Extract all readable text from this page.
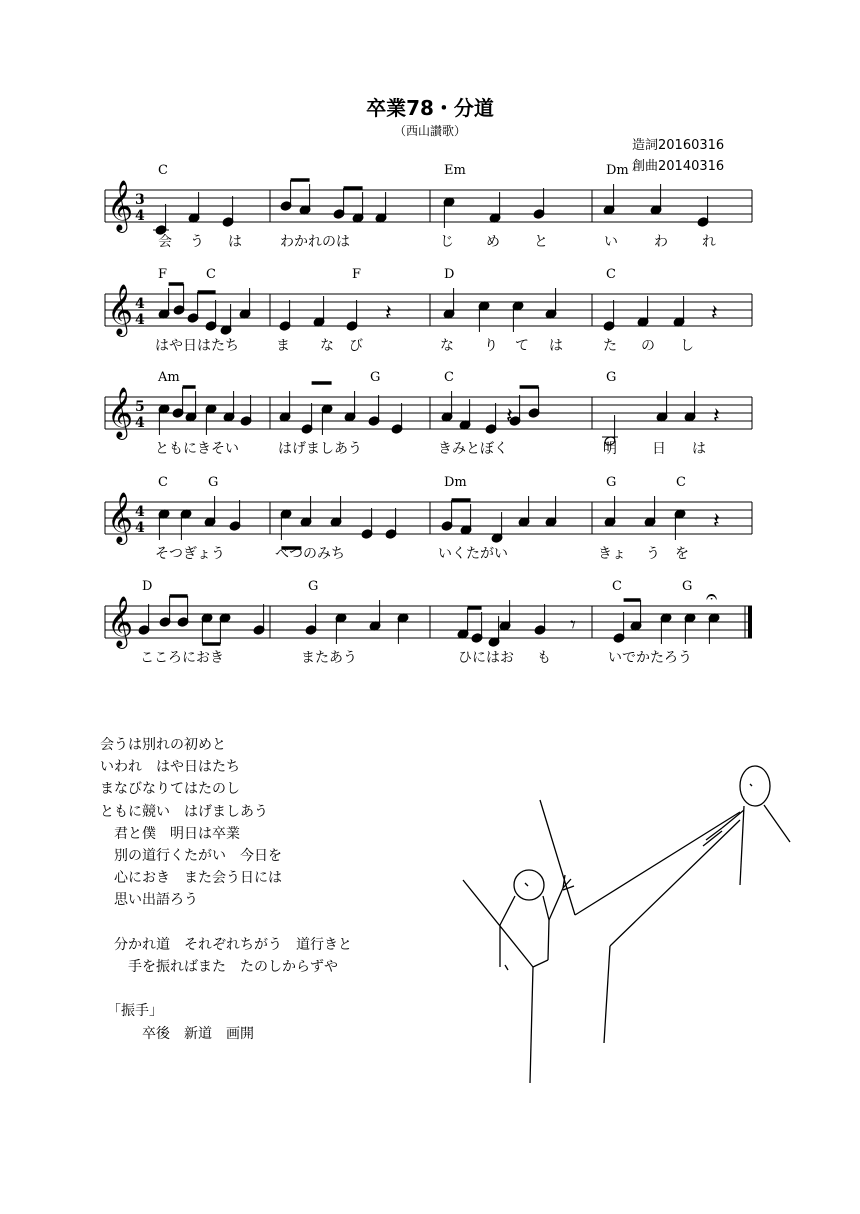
卒業78・分道
（西山讃歌）
造詞20160316
創曲20140316
𝄞 3
4
C	Em	Dm
会 う は	わかれのは	じ め と	い	わ れ
𝄞 4
4	𝄽	𝄽
F	C	F	D	C
はや日はたち	ま な び	な り て は	た の し
𝄞 5
4	𝄽	𝄽
Am	G	C	G
ともにきそい	はげましあう	きみとぼく	明	日 は
𝄞 4
4	𝄽
C	G	Dm	G	C
そつぎょう	べつのみち	いくたがい	きょ う を
𝄞	𝄐
𝄾
D	G	C	G
こころにおき	またあう	ひにはお も	いでかたろう
会うは別れの初めと
いわれ　はや日はたち
まなびなりてはたのし
ともに競い　はげましあう
　君と僕　明日は卒業
　別の道行くたがい　今日を
　心におき　また会う日には
　思い出語ろう

　分かれ道　それぞれちがう　道行きと
　　手を振ればまた　たのしからずや

　「振手」
　　　卒後　新道　画開
